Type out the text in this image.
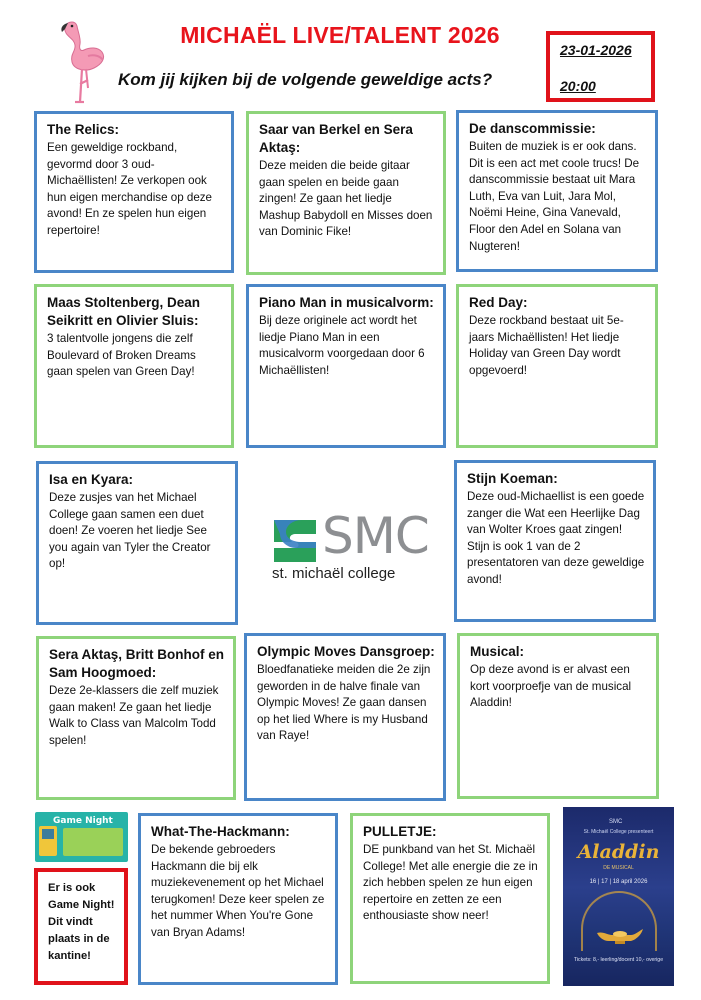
MICHAËL LIVE/TALENT 2026
Kom jij kijken bij de volgende geweldige acts?
23-01-2026
20:00
The Relics:

Een geweldige rockband, gevormd door 3 oud-Michaëllisten! Ze verkopen ook hun eigen merchandise op deze avond! En ze spelen hun eigen repertoire!

Saar van Berkel en Sera Aktaş:

Deze meiden die beide gitaar gaan spelen en beide gaan zingen! Ze gaan het liedje Mashup Babydoll en Misses doen van Dominic Fike!

De danscommissie:

Buiten de muziek is er ook dans. Dit is een act met coole trucs! De danscommissie bestaat uit Mara Luth, Eva van Luit, Jara Mol, Noëmi Heine, Gina Vanevald, Floor den Adel en Solana van Nugteren!

Maas Stoltenberg, Dean Seikritt en Olivier Sluis:

3 talentvolle jongens die zelf Boulevard of Broken Dreams gaan spelen van Green Day!

Piano Man in musicalvorm:

Bij deze originele act wordt het liedje Piano Man in een musicalvorm voorgedaan door 6 Michaëllisten!

Red Day:

Deze rockband bestaat uit 5e-jaars Michaëllisten! Het liedje Holiday van Green Day wordt opgevoerd!

Isa en Kyara:

Deze zusjes van het Michael College gaan samen een duet doen! Ze voeren het liedje See you again van Tyler the Creator op!	SMC
st. michaël college
Stijn Koeman:

Deze oud-Michaellist is een goede zanger die Wat een Heerlijke Dag van Wolter Kroes gaat zingen! Stijn is ook 1 van de 2 presentatoren van deze geweldige avond!

Sera Aktaş, Britt Bonhof en Sam Hoogmoed:

Deze 2e-klassers die zelf muziek gaan maken! Ze gaan het liedje Walk to Class van Malcolm Todd spelen!

Olympic Moves Dansgroep:

Bloedfanatieke meiden die 2e zijn geworden in de halve finale van Olympic Moves! Ze gaan dansen op het lied Where is my Husband van Raye!

Musical:

Op deze avond is er alvast een kort voorproefje van de musical Aladdin!

Game Night

Er is ook Game Night! Dit vindt plaats in de kantine!

What-The-Hackmann:

De bekende gebroeders Hackmann die bij elk muziekevenement op het Michael terugkomen! Deze keer spelen ze het nummer When You're Gone van Bryan Adams!

PULLETJE:

DE punkband van het St. Michaël College! Met alle energie die ze in zich hebben spelen ze hun eigen repertoire en zetten ze een enthousiaste show neer!

SMC
St. Michaël College presenteert
Aladdin
DE MUSICAL
16 | 17 | 18 april 2026
Tickets: 8,- leerling/docent 10,- overige
